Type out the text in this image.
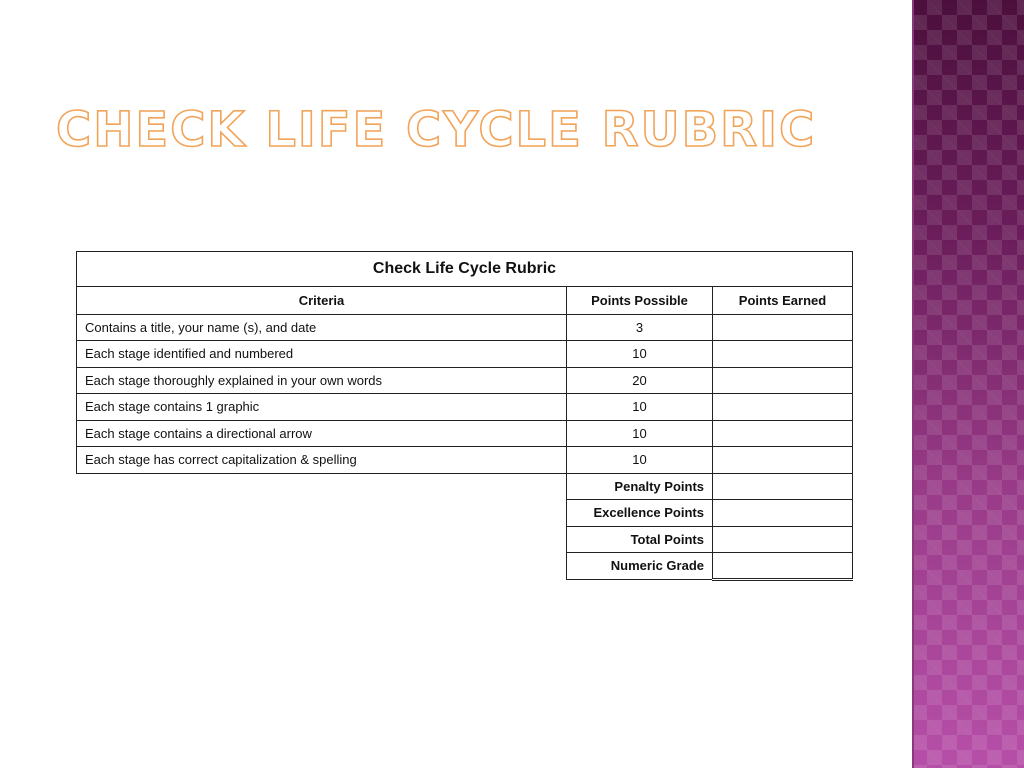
CHECK LIFE CYCLE RUBRIC
Check Life Cycle Rubric		
Criteria	Points Possible	Points Earned
Contains a title, your name (s), and date	3	
Each stage identified and numbered	10	
Each stage thoroughly explained in your own words	20	
Each stage contains 1 graphic	10	
Each stage contains a directional arrow	10	
Each stage has correct capitalization & spelling	10	
	Penalty Points	
	Excellence Points	
	Total Points	
	Numeric Grade	
